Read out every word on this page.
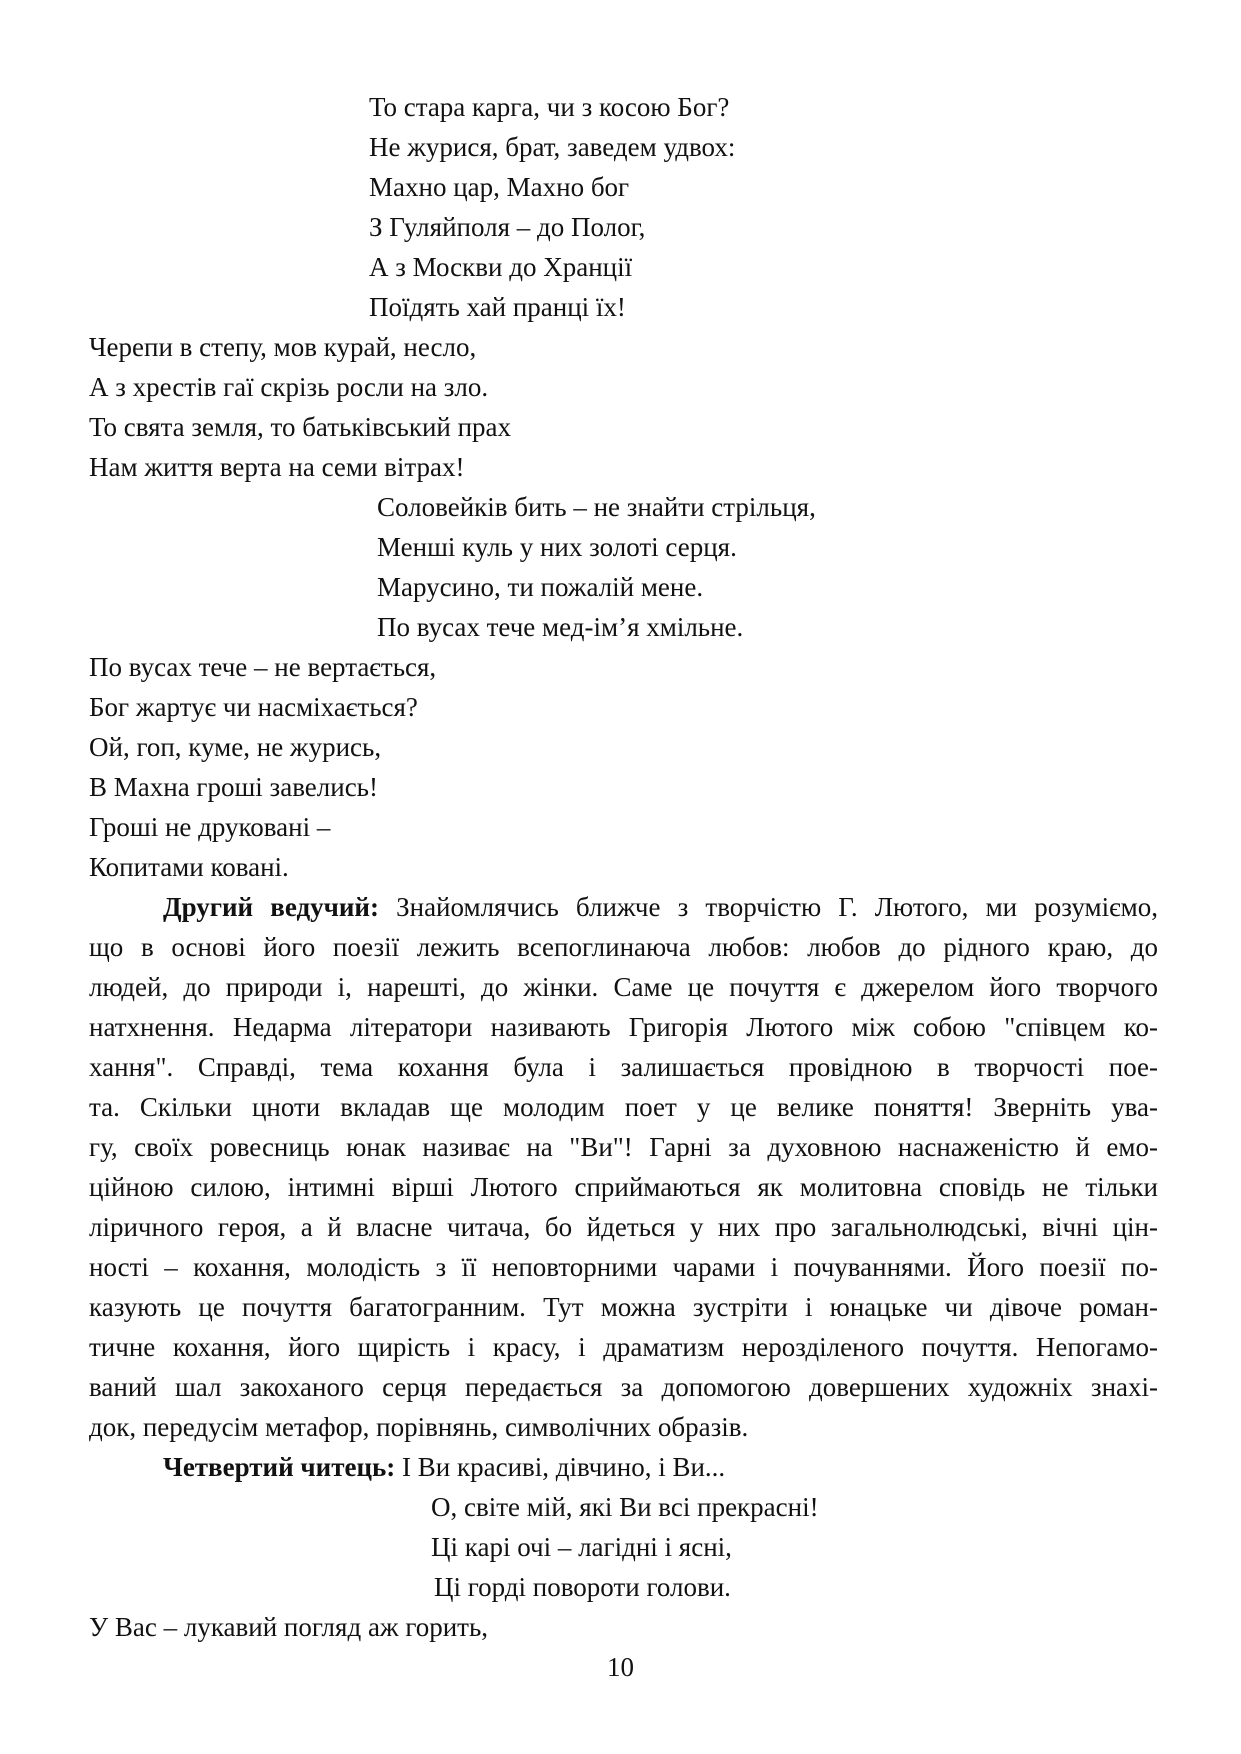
То стара карга, чи з косою Бог?
Не журися, брат, заведем удвох:
Махно цар, Махно бог
З Гуляйполя – до Полог,
А з Москви до Хранції
Поїдять хай пранці їх!
Черепи в степу, мов курай, несло,
А з хрестів гаї скрізь росли на зло.
То свята земля, то батьківський прах
Нам життя верта на семи вітрах!
Соловейків бить – не знайти стрільця,
Менші куль у них золоті серця.
Марусино, ти пожалій мене.
По вусах тече мед-ім’я хмільне.
По вусах тече – не вертається,
Бог жартує чи насміхається?
Ой, гоп, куме, не журись,
В Махна гроші завелись!
Гроші не друковані –
Копитами ковані.
Другий ведучий: Знайомлячись ближче з творчістю Г. Лютого, ми розуміємо,
що в основі його поезії лежить всепоглинаюча любов: любов до рідного краю, до
людей, до природи і, нарешті, до жінки. Саме це почуття є джерелом його творчого
натхнення. Недарма літератори називають Григорія Лютого між собою "співцем ко-
хання". Справді, тема кохання була і залишається провідною в творчості пое-
та. Скільки цноти вкладав ще молодим поет у це велике поняття! Зверніть ува-
гу, своїх ровесниць юнак називає на "Ви"! Гарні за духовною наснаженістю й емо-
ційною силою, інтимні вірші Лютого сприймаються як молитовна сповідь не тільки
ліричного героя, а й власне читача, бо йдеться у них про загальнолюдські, вічні цін-
ності – кохання, молодість з її неповторними чарами і почуваннями. Його поезії по-
казують це почуття багатогранним. Тут можна зустріти і юнацьке чи дівоче роман-
тичне кохання, його щирість і красу, і драматизм нерозділеного почуття. Непогамо-
ваний шал закоханого серця передається за допомогою довершених художніх знахі-
док, передусім метафор, порівнянь, символічних образів.
Четвертий читець: І Ви красиві, дівчино, і Ви...
О, світе мій, які Ви всі прекрасні!
Ці карі очі – лагідні і ясні,
Ці горді повороти голови.
У Вас – лукавий погляд аж горить,
10
